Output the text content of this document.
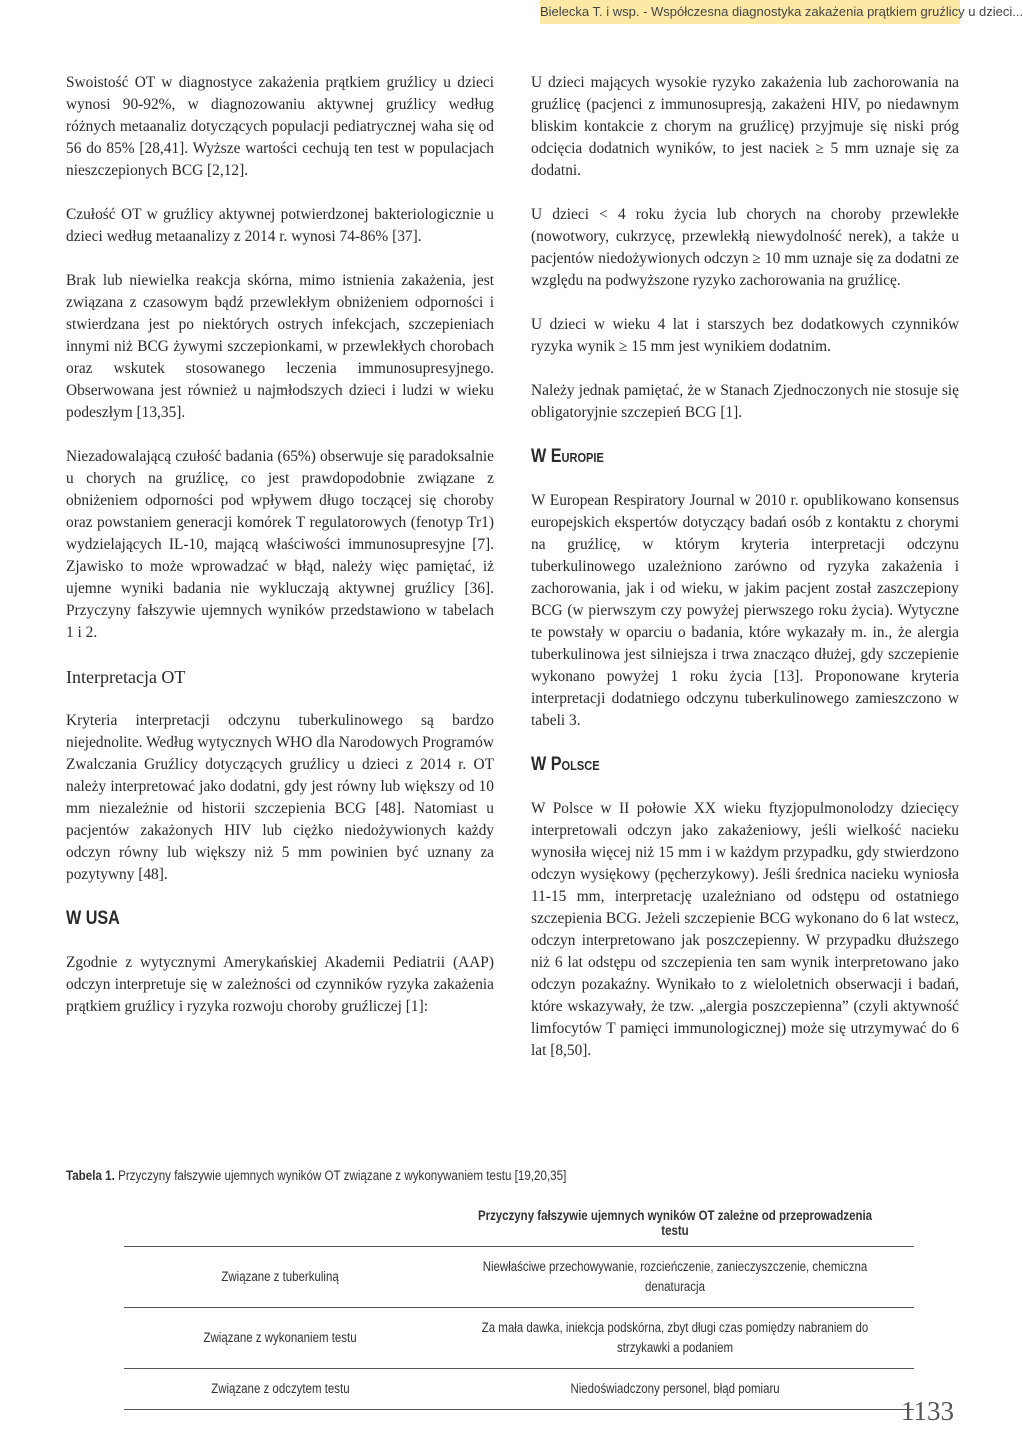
Bielecka T. i wsp. - Współczesna diagnostyka zakażenia prątkiem gruźlicy u dzieci...

Swoistość OT w diagnostyce zakażenia prątkiem gruźlicy u dzieci wynosi 90-92%, w diagnozowaniu aktywnej gruźlicy według różnych metaanaliz dotyczących populacji pediatrycznej waha się od 56 do 85% [28,41]. Wyższe wartości cechują ten test w populacjach nieszczepionych BCG [2,12].

Czułość OT w gruźlicy aktywnej potwierdzonej bakteriologicznie u dzieci według metaanalizy z 2014 r. wynosi 74-86% [37].

Brak lub niewielka reakcja skórna, mimo istnienia zakażenia, jest związana z czasowym bądź przewlekłym obniżeniem odporności i stwierdzana jest po niektórych ostrych infekcjach, szczepieniach innymi niż BCG żywymi szczepionkami, w przewlekłych chorobach oraz wskutek stosowanego leczenia immunosupresyjnego. Obserwowana jest również u najmłodszych dzieci i ludzi w wieku podeszłym [13,35].

Niezadowalającą czułość badania (65%) obserwuje się paradoksalnie u chorych na gruźlicę, co jest prawdopodobnie związane z obniżeniem odporności pod wpływem długo toczącej się choroby oraz powstaniem generacji komórek T regulatorowych (fenotyp Tr1) wydzielających IL-10, mającą właściwości immunosupresyjne [7]. Zjawisko to może wprowadzać w błąd, należy więc pamiętać, iż ujemne wyniki badania nie wykluczają aktywnej gruźlicy [36]. Przyczyny fałszywie ujemnych wyników przedstawiono w tabelach 1 i 2.

Interpretacja OT

Kryteria interpretacji odczynu tuberkulinowego są bardzo niejednolite. Według wytycznych WHO dla Narodowych Programów Zwalczania Gruźlicy dotyczących gruźlicy u dzieci z 2014 r. OT należy interpretować jako dodatni, gdy jest równy lub większy od 10 mm niezależnie od historii szczepienia BCG [48]. Natomiast u pacjentów zakażonych HIV lub ciężko niedożywionych każdy odczyn równy lub większy niż 5 mm powinien być uznany za pozytywny [48].

W USA

Zgodnie z wytycznymi Amerykańskiej Akademii Pediatrii (AAP) odczyn interpretuje się w zależności od czynników ryzyka zakażenia prątkiem gruźlicy i ryzyka rozwoju choroby gruźliczej [1]:

U dzieci mających wysokie ryzyko zakażenia lub zachorowania na gruźlicę (pacjenci z immunosupresją, zakażeni HIV, po niedawnym bliskim kontakcie z chorym na gruźlicę) przyjmuje się niski próg odcięcia dodatnich wyników, to jest naciek ≥ 5 mm uznaje się za dodatni.

U dzieci < 4 roku życia lub chorych na choroby przewlekłe (nowotwory, cukrzycę, przewlekłą niewydolność nerek), a także u pacjentów niedożywionych odczyn ≥ 10 mm uznaje się za dodatni ze względu na podwyższone ryzyko zachorowania na gruźlicę.

U dzieci w wieku 4 lat i starszych bez dodatkowych czynników ryzyka wynik ≥ 15 mm jest wynikiem dodatnim.

Należy jednak pamiętać, że w Stanach Zjednoczonych nie stosuje się obligatoryjnie szczepień BCG [1].

W Europie

W European Respiratory Journal w 2010 r. opublikowano konsensus europejskich ekspertów dotyczący badań osób z kontaktu z chorymi na gruźlicę, w którym kryteria interpretacji odczynu tuberkulinowego uzależniono zarówno od ryzyka zakażenia i zachorowania, jak i od wieku, w jakim pacjent został zaszczepiony BCG (w pierwszym czy powyżej pierwszego roku życia). Wytyczne te powstały w oparciu o badania, które wykazały m. in., że alergia tuberkulinowa jest silniejsza i trwa znacząco dłużej, gdy szczepienie wykonano powyżej 1 roku życia [13]. Proponowane kryteria interpretacji dodatniego odczynu tuberkulinowego zamieszczono w tabeli 3.

W Polsce

W Polsce w II połowie XX wieku ftyzjopulmonolodzy dziecięcy interpretowali odczyn jako zakażeniowy, jeśli wielkość nacieku wynosiła więcej niż 15 mm i w każdym przypadku, gdy stwierdzono odczyn wysiękowy (pęcherzykowy). Jeśli średnica nacieku wyniosła 11-15 mm, interpretację uzależniano od odstępu od ostatniego szczepienia BCG. Jeżeli szczepienie BCG wykonano do 6 lat wstecz, odczyn interpretowano jak poszczepienny. W przypadku dłuższego niż 6 lat odstępu od szczepienia ten sam wynik interpretowano jako odczyn pozakaźny. Wynikało to z wieloletnich obserwacji i badań, które wskazywały, że tzw. „alergia poszczepienna” (czyli aktywność limfocytów T pamięci immunologicznej) może się utrzymywać do 6 lat [8,50].

Tabela 1. Przyczyny fałszywie ujemnych wyników OT związane z wykonywaniem testu [19,20,35]
	Przyczyny fałszywie ujemnych wyników OT zależne od przeprowadzenia testu
Związane z tuberkuliną	Niewłaściwe przechowywanie, rozcieńczenie, zanieczyszczenie, chemiczna denaturacja
Związane z wykonaniem testu	Za mała dawka, iniekcja podskórna, zbyt długi czas pomiędzy nabraniem do strzykawki a podaniem
Związane z odczytem testu	Niedoświadczony personel, błąd pomiaru
1133
